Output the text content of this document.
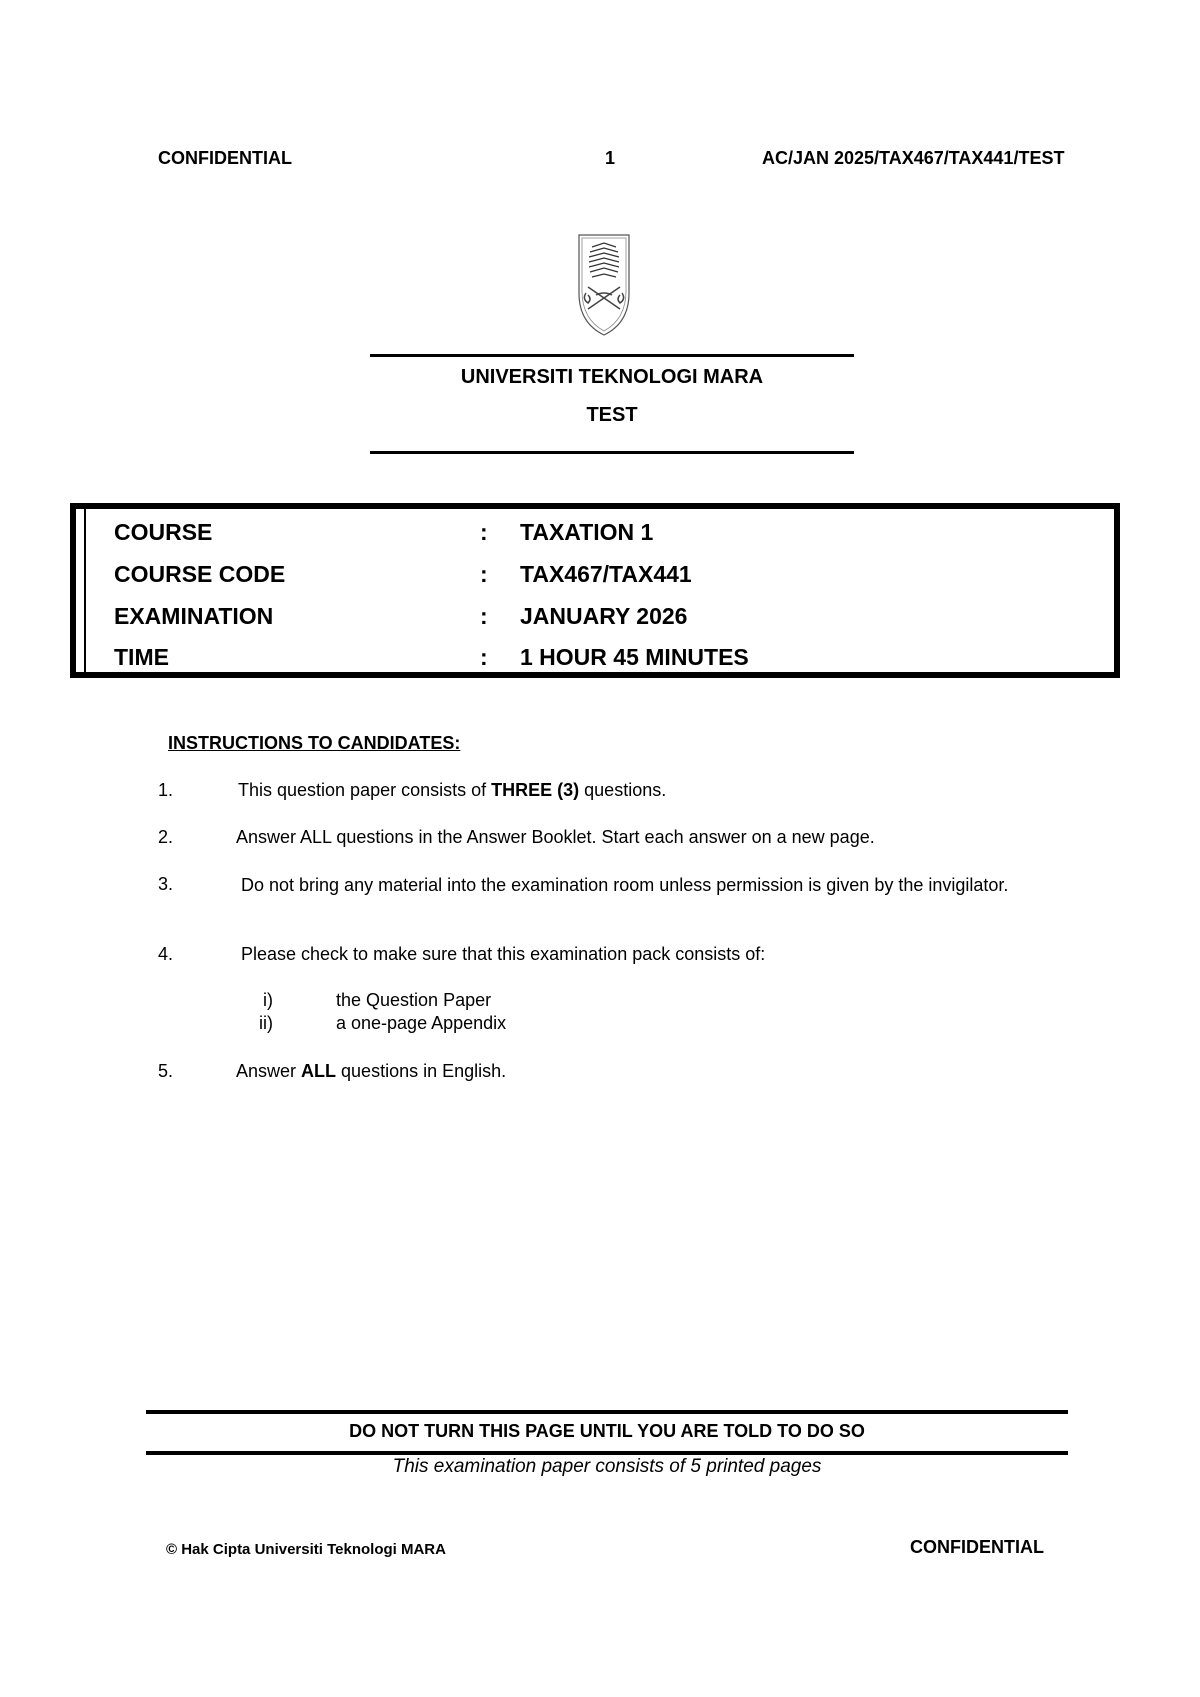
CONFIDENTIAL	1	AC/JAN 2025/TAX467/TAX441/TEST
UNIVERSITI TEKNOLOGI MARA
TEST
COURSE	: TAXATION 1
COURSE CODE	: TAX467/TAX441
EXAMINATION	: JANUARY 2026
TIME	: 1 HOUR 45 MINUTES
INSTRUCTIONS TO CANDIDATES:
1.	This question paper consists of THREE (3) questions.
2.	Answer ALL questions in the Answer Booklet. Start each answer on a new page.
3.	Do not bring any material into the examination room unless permission is given by the invigilator.
4.	Please check to make sure that this examination pack consists of:
i)	the Question Paper
ii)	a one-page Appendix
5.	Answer ALL questions in English.
DO NOT TURN THIS PAGE UNTIL YOU ARE TOLD TO DO SO
This examination paper consists of 5 printed pages
© Hak Cipta Universiti Teknologi MARA	CONFIDENTIAL
